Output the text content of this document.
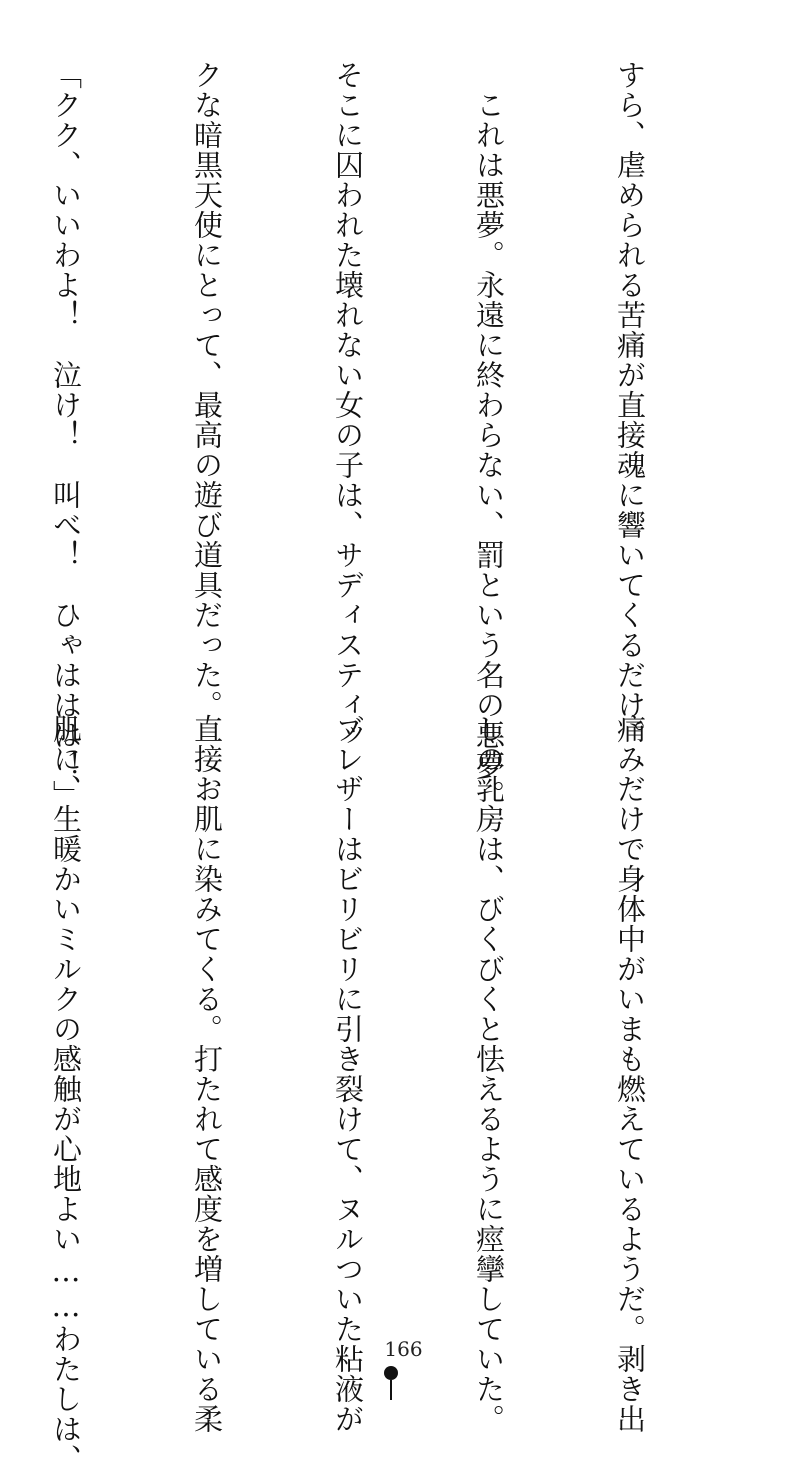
すら、虐められる苦痛が直接魂に響いてくるだけ。

　これは悪夢。永遠に終わらない、罰という名の悪夢。

そこに囚われた壊れない女の子は、サディスティッ

クな暗黒天使にとって、最高の遊び道具だった。

「クク、いいわよ！　泣け！　叫べ！　ひゃははは！」

痛みだけで身体中がいまも燃えているようだ。剥き出

しの乳房は、びくびくと怯えるように痙攣していた。

ブレザーはビリビリに引き裂けて、ヌルついた粘液が

直接お肌に染みてくる。打たれて感度を増している柔

肌に、生暖かいミルクの感触が心地よい……わたしは、

	166
